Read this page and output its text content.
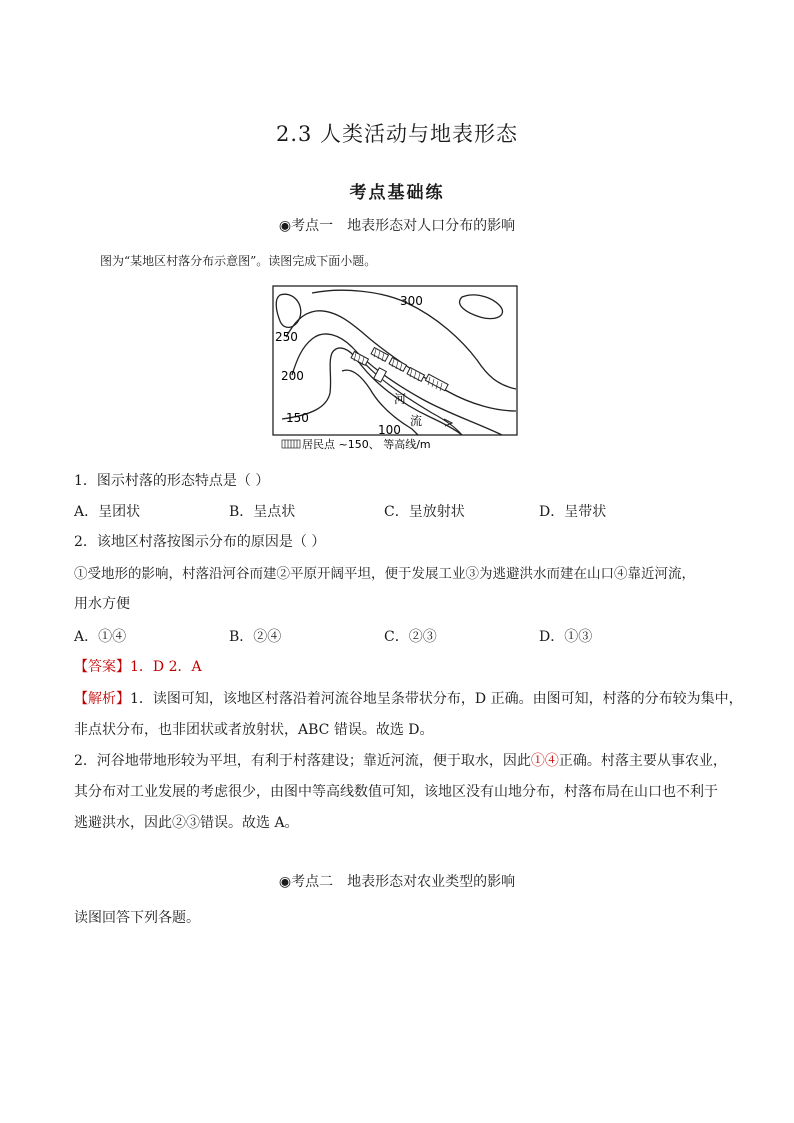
2.3 人类活动与地表形态
考点基础练
◉考点一 地表形态对人口分布的影响
图为“某地区村落分布示意图”。读图完成下面小题。
300
250
200
150
100
河
流
居民点 ~150、 等高线/m
1．图示村落的形态特点是（ ）
A．呈团状	B．呈点状	C．呈放射状	D．呈带状
2．该地区村落按图示分布的原因是（ ）
①受地形的影响，村落沿河谷而建②平原开阔平坦，便于发展工业③为逃避洪水而建在山口④靠近河流，
用水方便
A．①④	B．②④	C．②③	D．①③
【答案】1．D 2．A
【解析】1．读图可知，该地区村落沿着河流谷地呈条带状分布，D 正确。由图可知，村落的分布较为集中，
非点状分布，也非团状或者放射状，ABC 错误。故选 D。
2．河谷地带地形较为平坦，有利于村落建设；靠近河流，便于取水，因此①④正确。村落主要从事农业，
其分布对工业发展的考虑很少，由图中等高线数值可知，该地区没有山地分布，村落布局在山口也不利于
逃避洪水，因此②③错误。故选 A。
◉考点二 地表形态对农业类型的影响
读图回答下列各题。
